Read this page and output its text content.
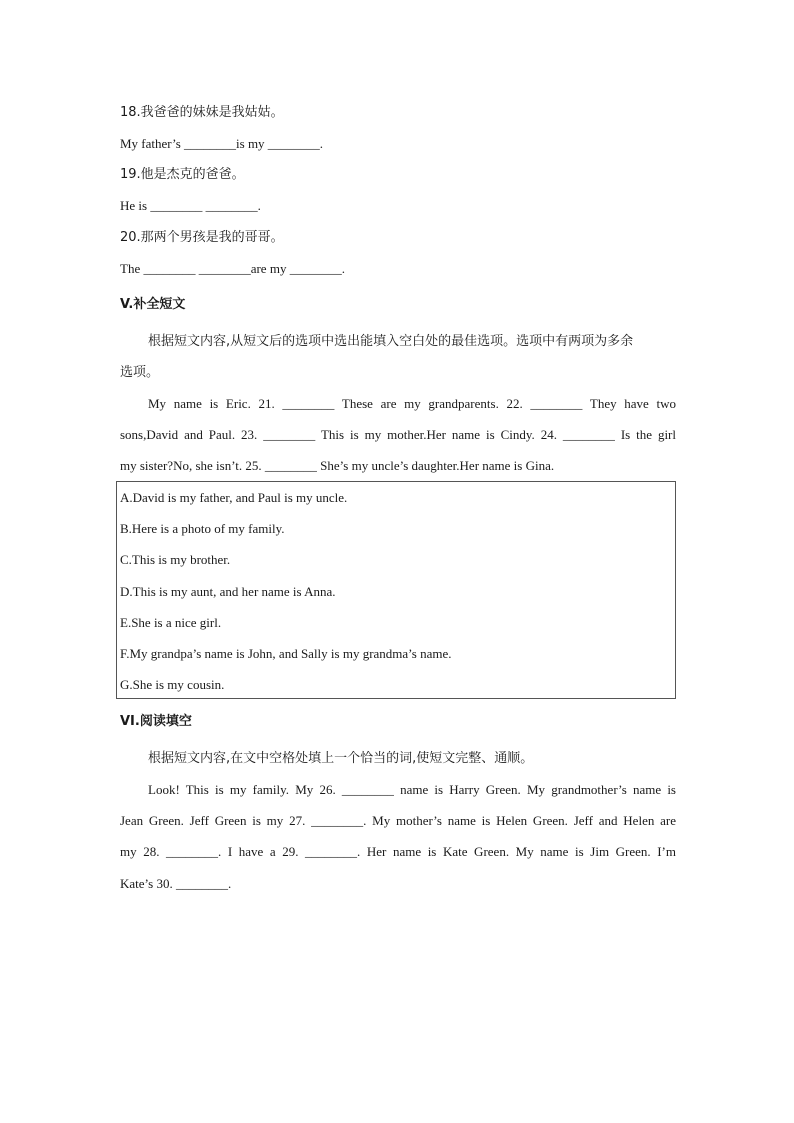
18.我爸爸的妹妹是我姑姑。
My father’s ________is my ________.
19.他是杰克的爸爸。
He is ________ ________.
20.那两个男孩是我的哥哥。
The ________ ________are my ________.
V.补全短文
根据短文内容,从短文后的选项中选出能填入空白处的最佳选项。选项中有两项为多余
选项。
My name is Eric. 21. ________ These are my grandparents. 22. ________ They have two
sons,David and Paul. 23. ________ This is my mother.Her name is Cindy. 24. ________ Is the girl
my sister?No, she isn’t. 25. ________ She’s my uncle’s daughter.Her name is Gina.
A.David is my father, and Paul is my uncle.
B.Here is a photo of my family.
C.This is my brother.
D.This is my aunt, and her name is Anna.
E.She is a nice girl.
F.My grandpa’s name is John, and Sally is my grandma’s name.
G.She is my cousin.
VI.阅读填空
根据短文内容,在文中空格处填上一个恰当的词,使短文完整、通顺。
Look! This is my family. My 26. ________ name is Harry Green. My grandmother’s name is
Jean Green. Jeff Green is my 27. ________. My mother’s name is Helen Green. Jeff and Helen are
my 28. ________. I have a 29. ________. Her name is Kate Green. My name is Jim Green. I’m
Kate’s 30. ________.
